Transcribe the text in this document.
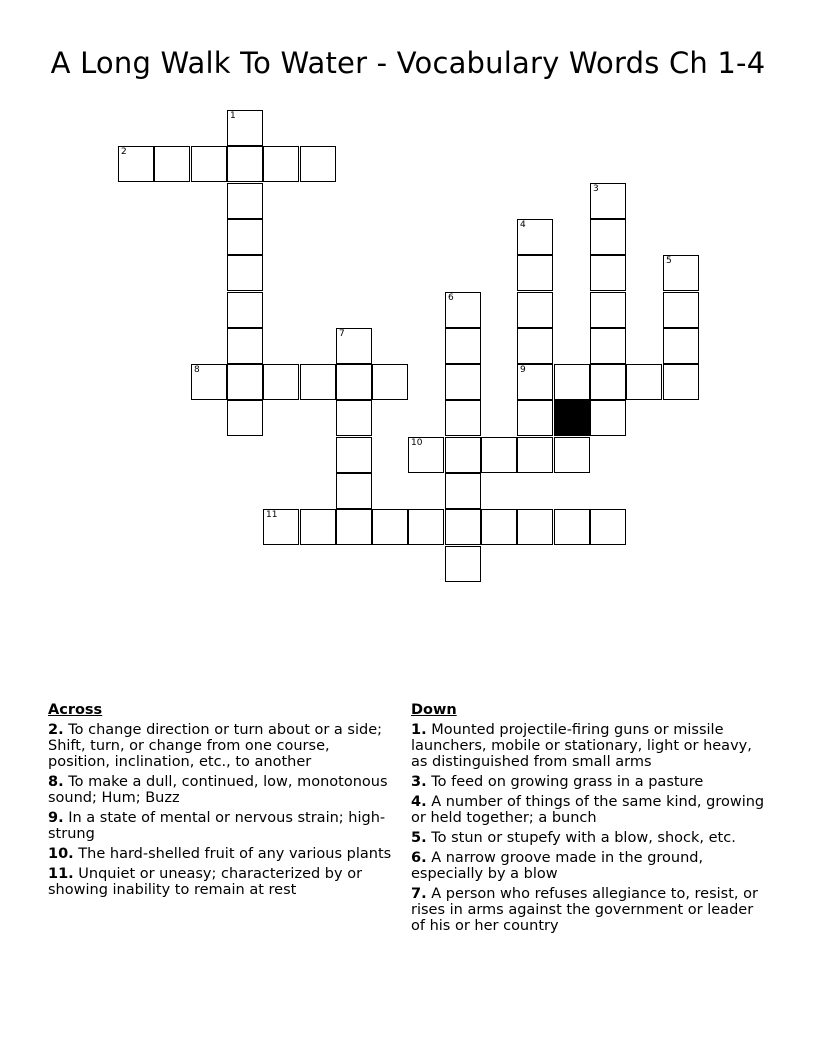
A Long Walk To Water - Vocabulary Words Ch 1-4
1
2
3
4
9
5
6
7
8
10
11
Across
2. To change direction or turn about or a side; Shift, turn, or change from one course, position, inclination, etc., to another
8. To make a dull, continued, low, monotonous sound; Hum; Buzz
9. In a state of mental or nervous strain; high-strung
10. The hard-shelled fruit of any various plants
11. Unquiet or uneasy; characterized by or showing inability to remain at rest
Down
1. Mounted projectile-firing guns or missile launchers, mobile or stationary, light or heavy, as distinguished from small arms
3. To feed on growing grass in a pasture
4. A number of things of the same kind, growing or held together; a bunch
5. To stun or stupefy with a blow, shock, etc.
6. A narrow groove made in the ground, especially by a blow
7. A person who refuses allegiance to, resist, or rises in arms against the government or leader of his or her country
